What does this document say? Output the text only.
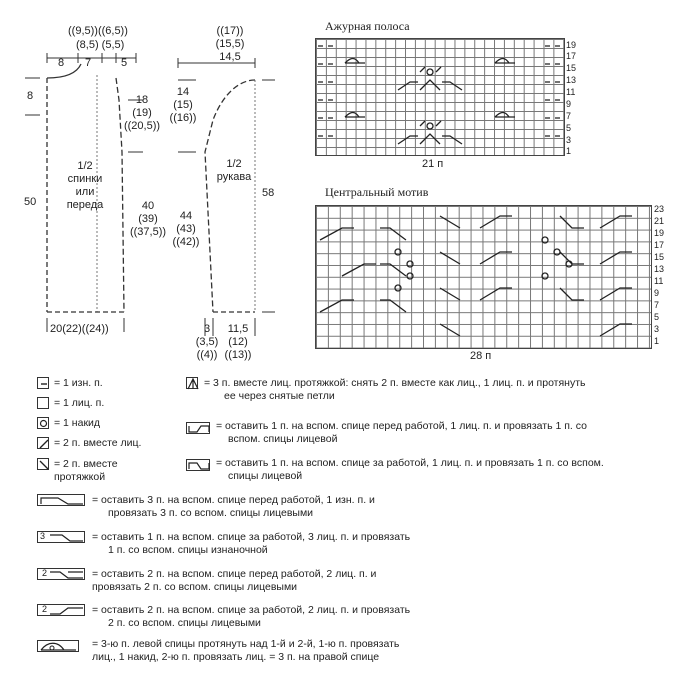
((9,5))((6,5))
(8,5) (5,5)
8 7	5
8
50
18
(19)
((20,5))
40
(39)
((37,5))
1/2
спинки
или
переда
20(22)((24))
((17))
(15,5)
14,5
14
(15)
((16))
44
(43)
((42))
1/2
рукава
58
3
(3,5)
((4))
11,5
(12)
((13))
Ажурная полоса
19
17
15
13
11
9
7
5
3
1
21 п
Центральный мотив
23
21
19
17
15
13
11
9
7
5
3
1
28 п
= 1 изн. п.
= 1 лиц. п.
= 1 накид
= 2 п. вместе лиц.
= 2 п. вместе
протяжкой
= 3 п. вместе лиц. протяжкой: снять 2 п. вместе как лиц., 1 лиц. п. и протянуть
ее через снятые петли
= оставить 1 п. на вспом. спице перед работой, 1 лиц. п. и провязать 1 п. со
вспом. спицы лицевой
= оставить 1 п. на вспом. спице за работой, 1 лиц. п. и провязать 1 п. со вспом.
спицы лицевой
= оставить 3 п. на вспом. спице перед работой, 1 изн. п. и
провязать 3 п. со вспом. спицы лицевыми
3	= оставить 1 п. на вспом. спице за работой, 3 лиц. п. и провязать
1 п. со вспом. спицы изнаночной
2	= оставить 2 п. на вспом. спице перед работой, 2 лиц. п. и
провязать 2 п. со вспом. спицы лицевыми
2	= оставить 2 п. на вспом. спице за работой, 2 лиц. п. и провязать
2 п. со вспом. спицы лицевыми
= 3-ю п. левой спицы протянуть над 1-й и 2-й, 1-ю п. провязать
лиц., 1 накид, 2-ю п. провязать лиц. = 3 п. на правой спице
